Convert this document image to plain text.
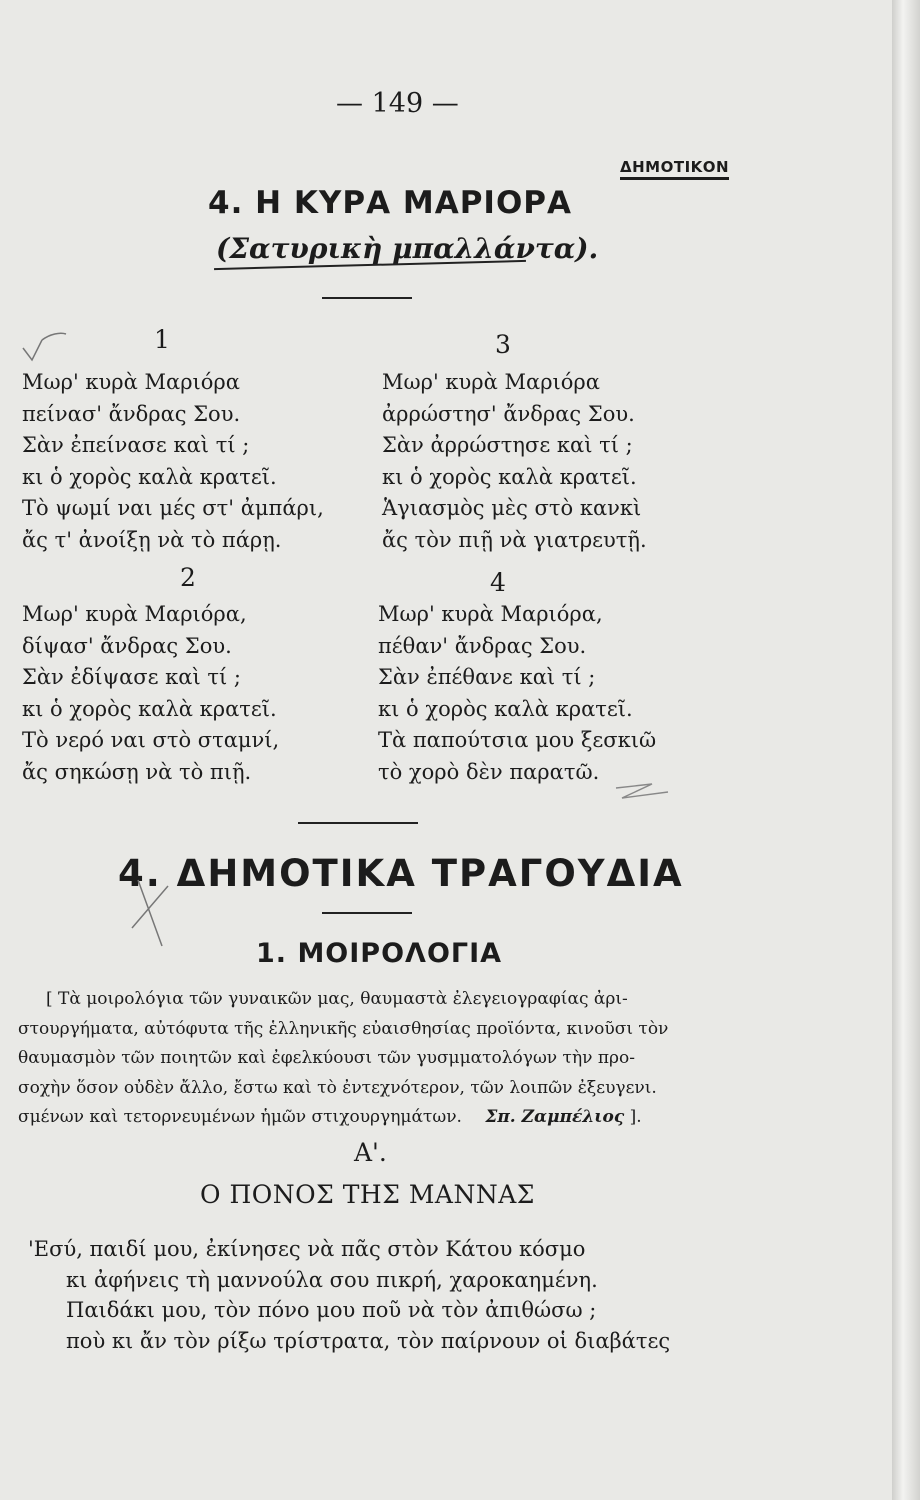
— 149 —
ΔΗΜΟΤΙΚΟΝ
4. Η ΚΥΡΑ ΜΑΡΙΟΡΑ
(Σατυρικὴ μπαλλάντα).
1
Μωρ' κυρὰ Μαριόρα
πείνασ' ἄνδρας Σου.
Σὰν ἐπείνασε καὶ τί ;
κι ὁ χορὸς καλὰ κρατεῖ.
Τὸ ψωμί ναι μές στ' ἀμπάρι,
ἄς τ' ἀνοίξῃ νὰ τὸ πάρῃ.
2
Μωρ' κυρὰ Μαριόρα,
δίψασ' ἄνδρας Σου.
Σὰν ἐδίψασε καὶ τί ;
κι ὁ χορὸς καλὰ κρατεῖ.
Τὸ νερό ναι στὸ σταμνί,
ἄς σηκώσῃ νὰ τὸ πιῇ.
3
Μωρ' κυρὰ Μαριόρα
ἀρρώστησ' ἄνδρας Σου.
Σὰν ἀρρώστησε καὶ τί ;
κι ὁ χορὸς καλὰ κρατεῖ.
Ἁγιασμὸς μὲς στὸ κανκὶ
ἄς τὸν πιῇ νὰ γιατρευτῇ.
4
Μωρ' κυρὰ Μαριόρα,
πέθαν' ἄνδρας Σου.
Σὰν ἐπέθανε καὶ τί ;
κι ὁ χορὸς καλὰ κρατεῖ.
Τὰ παπούτσια μου ξεσκιῶ
τὸ χορὸ δὲν παρατῶ.
4. ΔΗΜΟΤΙΚΑ ΤΡΑΓΟΥΔΙΑ
1. ΜΟΙΡΟΛΟΓΙΑ
[ Τὰ μοιρολόγια τῶν γυναικῶν μας, θαυμαστὰ ἐλεγειογραφίας ἀρι-
στουργήματα, αὐτόφυτα τῆς ἑλληνικῆς εὐαισθησίας προϊόντα, κινοῦσι τὸν
θαυμασμὸν τῶν ποιητῶν καὶ ἐφελκύουσι τῶν γυσμματολόγων τὴν προ-
σοχὴν ὅσον οὐδὲν ἄλλο, ἔστω καὶ τὸ ἐντεχνότερον, τῶν λοιπῶν ἐξευγενι.
σμένων καὶ τετορνευμένων ἡμῶν στιχουργημάτων. Σπ. Ζαμπέλιος ].
Α'.
Ο ΠΟΝΟΣ ΤΗΣ ΜΑΝΝΑΣ
'Εσύ, παιδί μου, ἐκίνησες νὰ πᾶς στὸν Κάτου κόσμο
κι ἀφήνεις τὴ μαννούλα σου πικρή, χαροκαημένη.
Παιδάκι μου, τὸν πόνο μου ποῦ νὰ τὸν ἀπιθώσω ;
ποὺ κι ἄν τὸν ρίξω τρίστρατα, τὸν παίρνουν οἱ διαβάτες
